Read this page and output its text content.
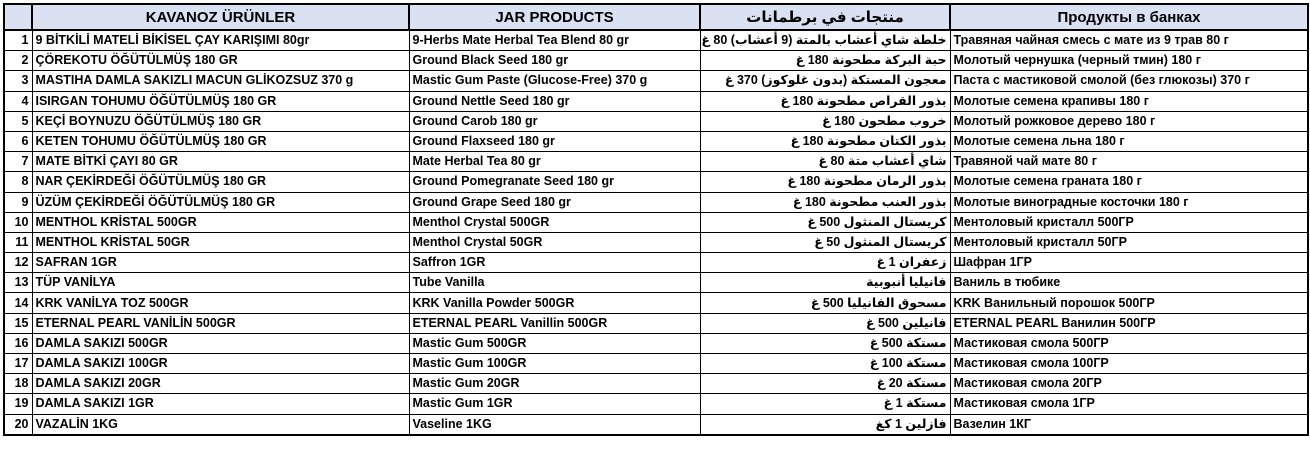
	KAVANOZ ÜRÜNLER	JAR PRODUCTS	منتجات في برطمانات	Продукты в банках
1	9 BİTKİLİ MATELİ BİKİSEL ÇAY KARIŞIMI 80gr	9-Herbs Mate Herbal Tea Blend 80 gr	خلطة شاي أعشاب بالمتة (9 أعشاب) 80 غ	Травяная чайная смесь с мате из 9 трав 80 г
2	ÇÖREKOTU ÖĞÜTÜLMÜŞ 180 GR	Ground Black Seed 180 gr	حبة البركة مطحونة 180 غ	Молотый чернушка (черный тмин) 180 г
3	MASTIHA DAMLA SAKIZLI MACUN GLİKOZSUZ 370 g	Mastic Gum Paste (Glucose-Free) 370 g	معجون المستكة (بدون غلوكوز) 370 غ	Паста с мастиковой смолой (без глюкозы) 370 г
4	ISIRGAN TOHUMU ÖĞÜTÜLMÜŞ 180 GR	Ground Nettle Seed 180 gr	بذور القراص مطحونة 180 غ	Молотые семена крапивы 180 г
5	KEÇİ BOYNUZU ÖĞÜTÜLMÜŞ 180 GR	Ground Carob 180 gr	خروب مطحون 180 غ	Молотый рожковое дерево 180 г
6	KETEN TOHUMU ÖĞÜTÜLMÜŞ 180 GR	Ground Flaxseed 180 gr	بذور الكتان مطحونة 180 غ	Молотые семена льна 180 г
7	MATE BİTKİ ÇAYI 80 GR	Mate Herbal Tea 80 gr	شاي أعشاب متة 80 غ	Травяной чай мате 80 г
8	NAR ÇEKİRDEĞİ ÖĞÜTÜLMÜŞ 180 GR	Ground Pomegranate Seed 180 gr	بذور الرمان مطحونة 180 غ	Молотые семена граната 180 г
9	ÜZÜM ÇEKİRDEĞİ ÖĞÜTÜLMÜŞ 180 GR	Ground Grape Seed 180 gr	بذور العنب مطحونة 180 غ	Молотые виноградные косточки 180 г
10	MENTHOL KRİSTAL 500GR	Menthol Crystal 500GR	كريستال المنثول 500 غ	Ментоловый кристалл 500ГР
11	MENTHOL KRİSTAL 50GR	Menthol Crystal 50GR	كريستال المنثول 50 غ	Ментоловый кристалл 50ГР
12	SAFRAN 1GR	Saffron 1GR	زعفران 1 غ	Шафран 1ГР
13	TÜP VANİLYA	Tube Vanilla	فانيليا أنبوبية	Ваниль в тюбике
14	KRK VANİLYA TOZ 500GR	KRK Vanilla Powder 500GR	مسحوق الفانيليا 500 غ	KRK Ванильный порошок 500ГР
15	ETERNAL PEARL VANİLİN 500GR	ETERNAL PEARL Vanillin 500GR	فانيلين 500 غ	ETERNAL PEARL Ванилин 500ГР
16	DAMLA SAKIZI 500GR	Mastic Gum 500GR	مستكة 500 غ	Мастиковая смола 500ГР
17	DAMLA SAKIZI 100GR	Mastic Gum 100GR	مستكة 100 غ	Мастиковая смола 100ГР
18	DAMLA SAKIZI 20GR	Mastic Gum 20GR	مستكة 20 غ	Мастиковая смола 20ГР
19	DAMLA SAKIZI 1GR	Mastic Gum 1GR	مستكة 1 غ	Мастиковая смола 1ГР
20	VAZALİN 1KG	Vaseline 1KG	فازلين 1 كغ	Вазелин 1КГ
